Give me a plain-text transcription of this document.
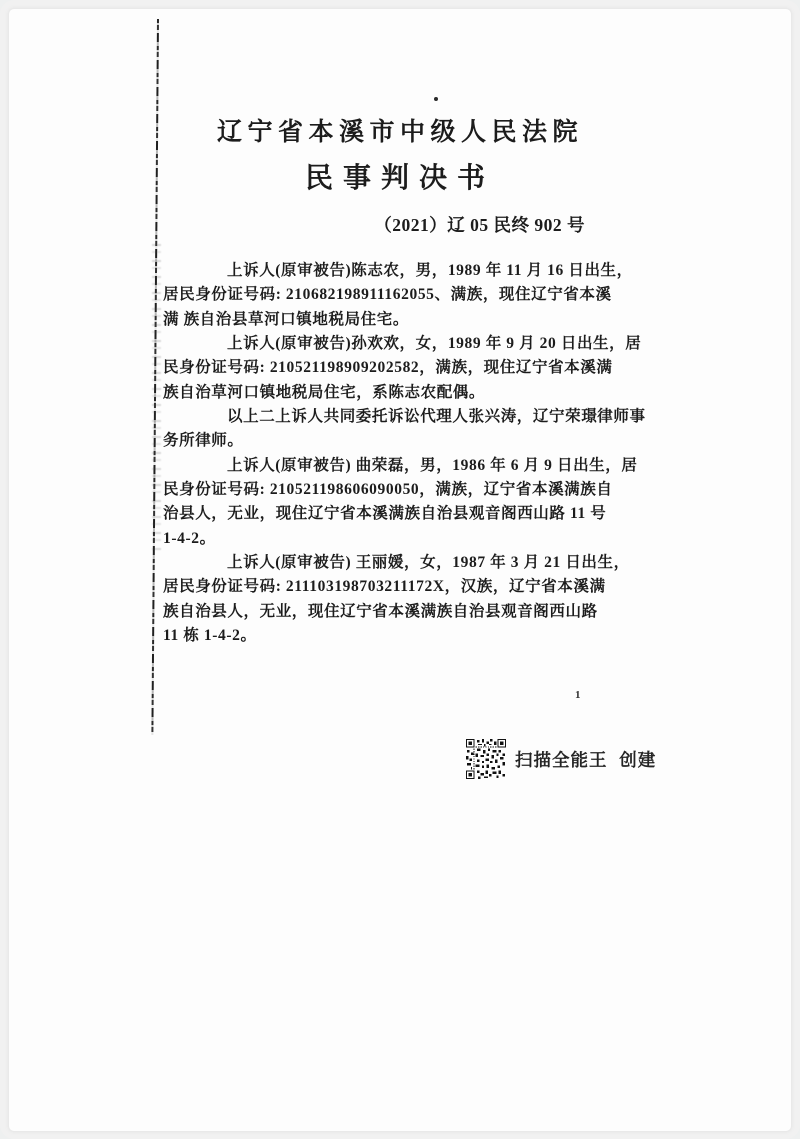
辽宁省本溪市中级人民法院
民事判决书
（2021）辽 05 民终 902 号
上诉人(原审被告)陈志农，男，1989 年 11 月 16 日出生，
居民身份证号码: 210682198911162055、满族，现住辽宁省本溪
满 族自治县草河口镇地税局住宅。
上诉人(原审被告)孙欢欢，女，1989 年 9 月 20 日出生，居
民身份证号码: 210521198909202582，满族，现住辽宁省本溪满
族自治草河口镇地税局住宅，系陈志农配偶。
以上二上诉人共同委托诉讼代理人张兴涛，辽宁荣璟律师事
务所律师。
上诉人(原审被告) 曲荣磊，男，1986 年 6 月 9 日出生，居
民身份证号码: 210521198606090050，满族，辽宁省本溪满族自
治县人，无业，现住辽宁省本溪满族自治县观音阁西山路 11 号
1-4-2。
上诉人(原审被告) 王丽媛，女，1987 年 3 月 21 日出生，
居民身份证号码: 211103198703211172X，汉族，辽宁省本溪满
族自治县人，无业，现住辽宁省本溪满族自治县观音阁西山路
11 栋 1-4-2。
1
扫描全能王  创建
